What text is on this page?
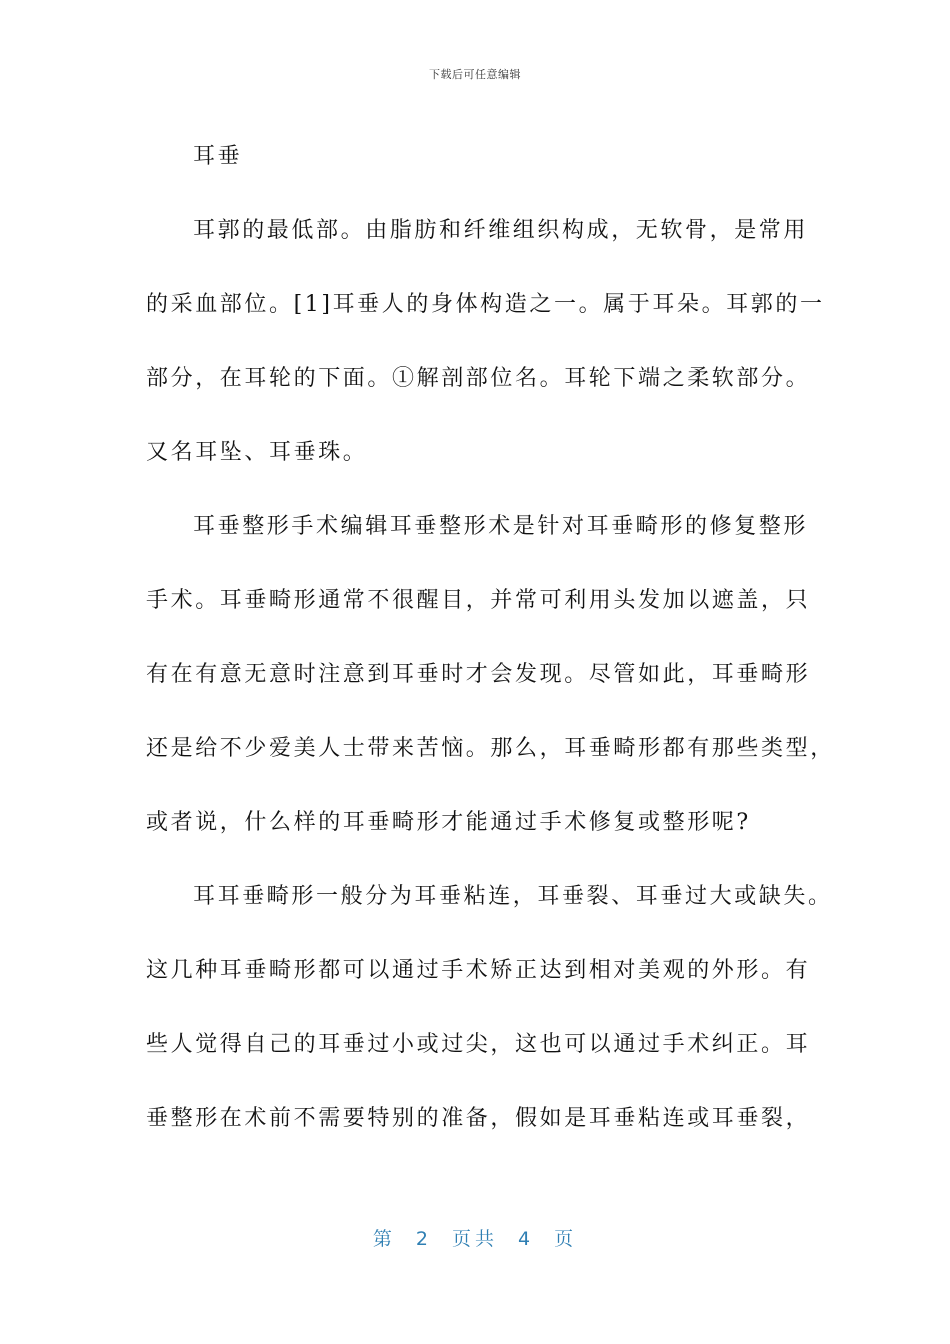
下载后可任意编辑

耳垂

耳郭的最低部。由脂肪和纤维组织构成，无软骨，是常用
的采血部位。[1]耳垂人的身体构造之一。属于耳朵。耳郭的一
部分，在耳轮的下面。①解剖部位名。耳轮下端之柔软部分。
又名耳坠、耳垂珠。

耳垂整形手术编辑耳垂整形术是针对耳垂畸形的修复整形
手术。耳垂畸形通常不很醒目，并常可利用头发加以遮盖，只
有在有意无意时注意到耳垂时才会发现。尽管如此，耳垂畸形
还是给不少爱美人士带来苦恼。那么，耳垂畸形都有那些类型，
或者说，什么样的耳垂畸形才能通过手术修复或整形呢?

耳耳垂畸形一般分为耳垂粘连，耳垂裂、耳垂过大或缺失。
这几种耳垂畸形都可以通过手术矫正达到相对美观的外形。有
些人觉得自己的耳垂过小或过尖，这也可以通过手术纠正。耳
垂整形在术前不需要特别的准备，假如是耳垂粘连或耳垂裂，

第 2 页共 4 页
